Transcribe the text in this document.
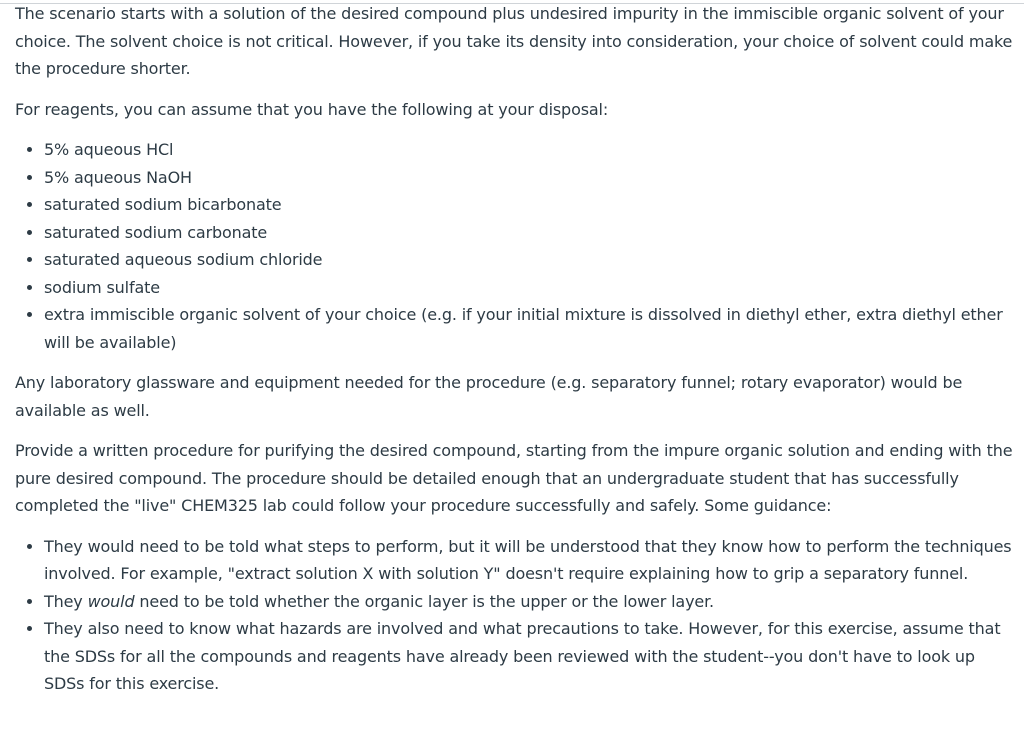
The scenario starts with a solution of the desired compound plus undesired impurity in the immiscible organic solvent of your choice. The solvent choice is not critical. However, if you take its density into consideration, your choice of solvent could make the procedure shorter.

For reagents, you can assume that you have the following at your disposal:

• 5% aqueous HCl
• 5% aqueous NaOH
• saturated sodium bicarbonate
• saturated sodium carbonate
• saturated aqueous sodium chloride
• sodium sulfate
• extra immiscible organic solvent of your choice (e.g. if your initial mixture is dissolved in diethyl ether, extra diethyl ether will be available)

Any laboratory glassware and equipment needed for the procedure (e.g. separatory funnel; rotary evaporator) would be available as well.

Provide a written procedure for purifying the desired compound, starting from the impure organic solution and ending with the pure desired compound. The procedure should be detailed enough that an undergraduate student that has successfully completed the "live" CHEM325 lab could follow your procedure successfully and safely. Some guidance:

• They would need to be told what steps to perform, but it will be understood that they know how to perform the techniques involved. For example, "extract solution X with solution Y" doesn't require explaining how to grip a separatory funnel.
• They would need to be told whether the organic layer is the upper or the lower layer.
• They also need to know what hazards are involved and what precautions to take. However, for this exercise, assume that the SDSs for all the compounds and reagents have already been reviewed with the student--you don't have to look up SDSs for this exercise.
